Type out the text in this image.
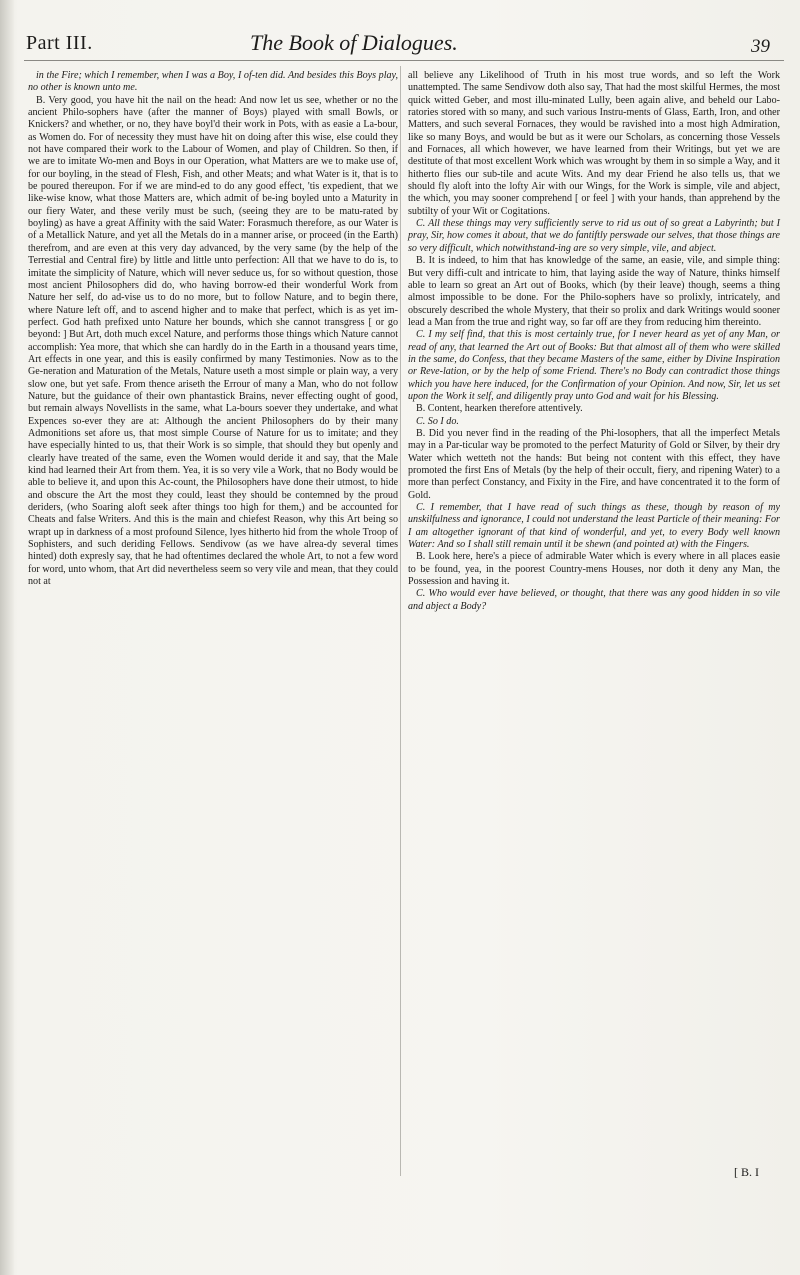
Part III.	The Book of Dialogues.	39

in the Fire; which I remember, when I was a Boy, I of-ten did. And besides this Boys play, no other is known unto me.

B. Very good, you have hit the nail on the head: And now let us see, whether or no the ancient Philo-sophers have (after the manner of Boys) played with small Bowls, or Knickers? and whether, or no, they have boyl'd their work in Pots, with as easie a La-bour, as Women do. For of necessity they must have hit on doing after this wise, else could they not have compared their work to the Labour of Women, and play of Children. So then, if we are to imitate Wo-men and Boys in our Operation, what Matters are we to make use of, for our boyling, in the stead of Flesh, Fish, and other Meats; and what Water is it, that is to be poured thereupon. For if we are mind-ed to do any good effect, 'tis expedient, that we like-wise know, what those Matters are, which admit of be-ing boyled unto a Maturity in our fiery Water, and these verily must be such, (seeing they are to be matu-rated by boyling) as have a great Affinity with the said Water: Forasmuch therefore, as our Water is of a Metallick Nature, and yet all the Metals do in a manner arise, or proceed (in the Earth) therefrom, and are even at this very day advanced, by the very same (by the help of the Terrestial and Central fire) by little and little unto perfection: All that we have to do is, to imitate the simplicity of Nature, which will never seduce us, for so without question, those most ancient Philosophers did do, who having borrow-ed their wonderful Work from Nature her self, do ad-vise us to do no more, but to follow Nature, and to begin there, where Nature left off, and to ascend higher and to make that perfect, which is as yet im-perfect. God hath prefixed unto Nature her bounds, which she cannot transgress [ or go beyond: ] But Art, doth much excel Nature, and performs those things which Nature cannot accomplish: Yea more, that which she can hardly do in the Earth in a thousand years time, Art effects in one year, and this is easily confirmed by many Testimonies. Now as to the Ge-neration and Maturation of the Metals, Nature useth a most simple or plain way, a very slow one, but yet safe. From thence ariseth the Errour of many a Man, who do not follow Nature, but the guidance of their own phantastick Brains, never effecting ought of good, but remain always Novellists in the same, what La-bours soever they undertake, and what Expences so-ever they are at: Although the ancient Philosophers do by their many Admonitions set afore us, that most simple Course of Nature for us to imitate; and they have especially hinted to us, that their Work is so simple, that should they but openly and clearly have treated of the same, even the Women would deride it and say, that the Male kind had learned their Art from them. Yea, it is so very vile a Work, that no Body would be able to believe it, and upon this Ac-count, the Philosophers have done their utmost, to hide and obscure the Art the most they could, least they should be contemned by the proud deriders, (who Soaring aloft seek after things too high for them,) and be accounted for Cheats and false Writers. And this is the main and chiefest Reason, why this Art being so wrapt up in darkness of a most profound Silence, lyes hitherto hid from the whole Troop of Sophisters, and such deriding Fellows. Sendivow (as we have alrea-dy several times hinted) doth expresly say, that he had oftentimes declared the whole Art, to not a few word for word, unto whom, that Art did nevertheless seem so very vile and mean, that they could not at

all believe any Likelihood of Truth in his most true words, and so left the Work unattempted. The same Sendivow doth also say, That had the most skilful Hermes, the most quick witted Geber, and most illu-minated Lully, been again alive, and beheld our Labo-ratories stored with so many, and such various Instru-ments of Glass, Earth, Iron, and other Matters, and such several Fornaces, they would be ravished into a most high Admiration, like so many Boys, and would be but as it were our Scholars, as concerning those Vessels and Fornaces, all which however, we have learned from their Writings, but yet we are destitute of that most excellent Work which was wrought by them in so simple a Way, and it hitherto flies our sub-tile and acute Wits. And my dear Friend he also tells us, that we should fly aloft into the lofty Air with our Wings, for the Work is simple, vile and abject, the which, you may sooner comprehend [ or feel ] with your hands, than apprehend by the subtilty of your Wit or Cogitations.

C. All these things may very sufficiently serve to rid us out of so great a Labyrinth; but I pray, Sir, how comes it about, that we do fantiftly perswade our selves, that those things are so very difficult, which notwithstand-ing are so very simple, vile, and abject.

B. It is indeed, to him that has knowledge of the same, an easie, vile, and simple thing: But very diffi-cult and intricate to him, that laying aside the way of Nature, thinks himself able to learn so great an Art out of Books, which (by their leave) though, seems a thing almost impossible to be done. For the Philo-sophers have so prolixly, intricately, and obscurely described the whole Mystery, that their so prolix and dark Writings would sooner lead a Man from the true and right way, so far off are they from reducing him thereinto.

C. I my self find, that this is most certainly true, for I never heard as yet of any Man, or read of any, that learned the Art out of Books: But that almost all of them who were skilled in the same, do Confess, that they became Masters of the same, either by Divine Inspiration or Reve-lation, or by the help of some Friend. There's no Body can contradict those things which you have here induced, for the Confirmation of your Opinion. And now, Sir, let us set upon the Work it self, and diligently pray unto God and wait for his Blessing.

B. Content, hearken therefore attentively.

C. So I do.

B. Did you never find in the reading of the Phi-losophers, that all the imperfect Metals may in a Par-ticular way be promoted to the perfect Maturity of Gold or Silver, by their dry Water which wetteth not the hands: But being not content with this effect, they have promoted the first Ens of Metals (by the help of their occult, fiery, and ripening Water) to a more than perfect Constancy, and Fixity in the Fire, and have concentrated it to the form of Gold.

C. I remember, that I have read of such things as these, though by reason of my unskilfulness and ignorance, I could not understand the least Particle of their meaning: For I am altogether ignorant of that kind of wonderful, and yet, to every Body well known Water: And so I shall still remain until it be shewn (and pointed at) with the Fingers.

B. Look here, here's a piece of admirable Water which is every where in all places easie to be found, yea, in the poorest Country-mens Houses, nor doth it deny any Man, the Possession and having it.

C. Who would ever have believed, or thought, that there was any good hidden in so vile and abject a Body?

[ B. I
